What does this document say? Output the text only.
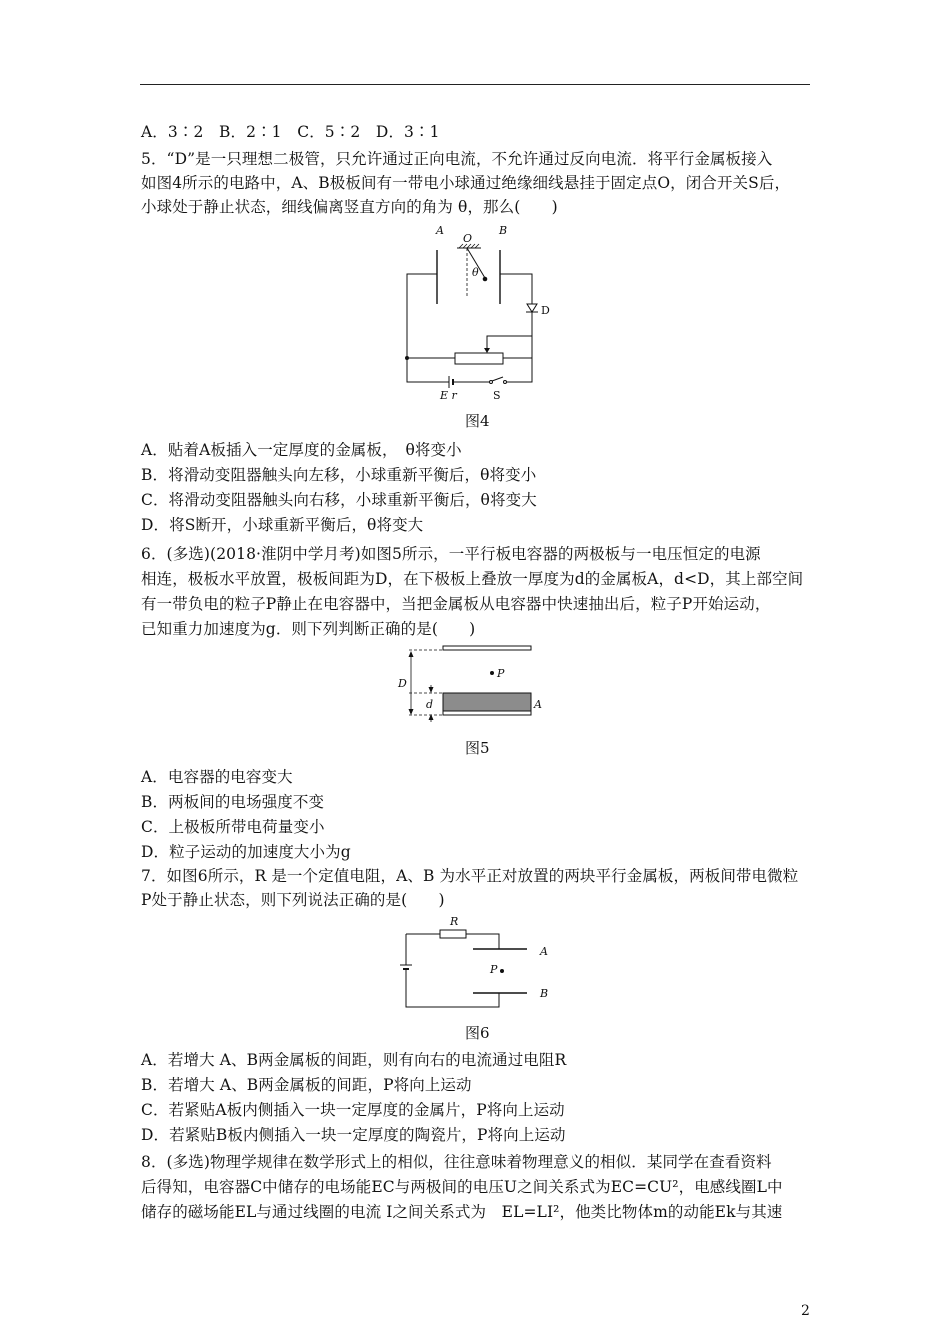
A．3∶2　B．2∶1　C．5∶2　D．3∶1
5．“D”是一只理想二极管，只允许通过正向电流，不允许通过反向电流．将平行金属板接入
如图4所示的电路中，A、B极板间有一带电小球通过绝缘细线悬挂于固定点O，闭合开关S后，
小球处于静止状态，细线偏离竖直方向的角为 θ，那么(　　)
A	B
O
θ
D
E r	S
图4
A．贴着A板插入一定厚度的金属板，　θ将变小
B．将滑动变阻器触头向左移，小球重新平衡后，θ将变小
C．将滑动变阻器触头向右移，小球重新平衡后，θ将变大
D．将S断开，小球重新平衡后，θ将变大
6．(多选)(2018·淮阴中学月考)如图5所示，一平行板电容器的两极板与一电压恒定的电源
相连，极板水平放置，极板间距为D，在下极板上叠放一厚度为d的金属板A，d<D，其上部空间
有一带负电的粒子P静止在电容器中，当把金属板从电容器中快速抽出后，粒子P开始运动，
已知重力加速度为g．则下列判断正确的是(　　)
P
D
d	A
图5
A．电容器的电容变大
B．两板间的电场强度不变
C．上极板所带电荷量变小
D．粒子运动的加速度大小为g
7．如图6所示，R 是一个定值电阻，A、B 为水平正对放置的两块平行金属板，两板间带电微粒
P处于静止状态，则下列说法正确的是(　　)
R
A
P
B
图6
A．若增大 A、B两金属板的间距，则有向右的电流通过电阻R
B．若增大 A、B两金属板的间距，P将向上运动
C．若紧贴A板内侧插入一块一定厚度的金属片，P将向上运动
D．若紧贴B板内侧插入一块一定厚度的陶瓷片，P将向上运动
8．(多选)物理学规律在数学形式上的相似，往往意味着物理意义的相似．某同学在查看资料
后得知，电容器C中储存的电场能EC与两极间的电压U之间关系式为EC=CU²，电感线圈L中
储存的磁场能EL与通过线圈的电流 I之间关系式为　EL=LI²，他类比物体m的动能Ek与其速
2
